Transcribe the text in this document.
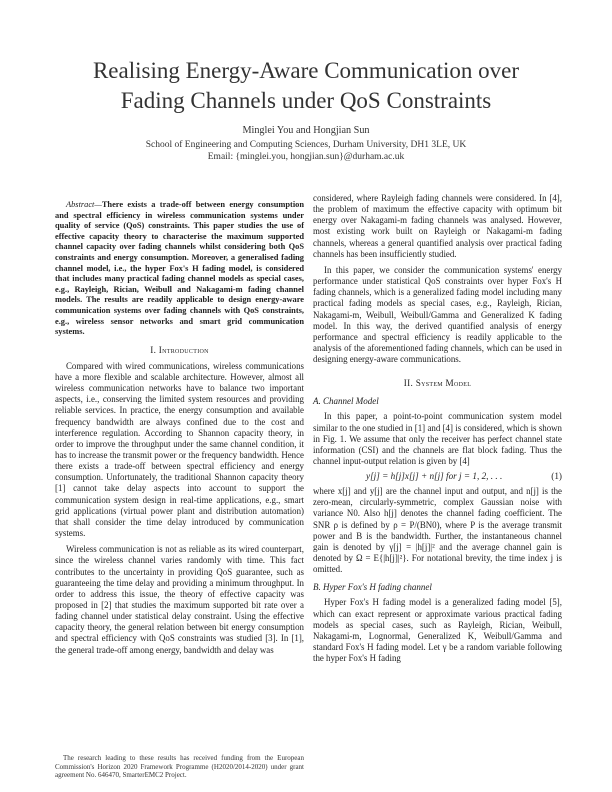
Realising Energy-Aware Communication over
Fading Channels under QoS Constraints
Minglei You and Hongjian Sun
School of Engineering and Computing Sciences, Durham University, DH1 3LE, UK
Email: {minglei.you, hongjian.sun}@durham.ac.uk

Abstract—There exists a trade-off between energy consumption and spectral efficiency in wireless communication systems under quality of service (QoS) constraints. This paper studies the use of effective capacity theory to characterise the maximum supported channel capacity over fading channels whilst considering both QoS constraints and energy consumption. Moreover, a generalised fading channel model, i.e., the hyper Fox's H fading model, is considered that includes many practical fading channel models as special cases, e.g., Rayleigh, Rician, Weibull and Nakagami-m fading channel models. The results are readily applicable to design energy-aware communication systems over fading channels with QoS constraints, e.g., wireless sensor networks and smart grid communication systems.

I. Introduction

Compared with wired communications, wireless communications have a more flexible and scalable architecture. However, almost all wireless communication networks have to balance two important aspects, i.e., conserving the limited system resources and providing reliable services. In practice, the energy consumption and available frequency bandwidth are always confined due to the cost and interference regulation. According to Shannon capacity theory, in order to improve the throughput under the same channel condition, it has to increase the transmit power or the frequency bandwidth. Hence there exists a trade-off between spectral efficiency and energy consumption. Unfortunately, the traditional Shannon capacity theory [1] cannot take delay aspects into account to support the communication system design in real-time applications, e.g., smart grid applications (virtual power plant and distribution automation) that shall consider the time delay introduced by communication systems.

Wireless communication is not as reliable as its wired counterpart, since the wireless channel varies randomly with time. This fact contributes to the uncertainty in providing QoS guarantee, such as guaranteeing the time delay and providing a minimum throughput. In order to address this issue, the theory of effective capacity was proposed in [2] that studies the maximum supported bit rate over a fading channel under statistical delay constraint. Using the effective capacity theory, the general relation between bit energy consumption and spectral efficiency with QoS constraints was studied [3]. In [1], the general trade-off among energy, bandwidth and delay was

The research leading to these results has received funding from the European Commission's Horizon 2020 Framework Programme (H2020/2014-2020) under grant agreement No. 646470, SmarterEMC2 Project.

considered, where Rayleigh fading channels were considered. In [4], the problem of maximum the effective capacity with optimum bit energy over Nakagami-m fading channels was analysed. However, most existing work built on Rayleigh or Nakagami-m fading channels, whereas a general quantified analysis over practical fading channels has been insufficiently studied.

In this paper, we consider the communication systems' energy performance under statistical QoS constraints over hyper Fox's H fading channels, which is a generalized fading model including many practical fading models as special cases, e.g., Rayleigh, Rician, Nakagami-m, Weibull, Weibull/Gamma and Generalized K fading model. In this way, the derived quantified analysis of energy performance and spectral efficiency is readily applicable to the analysis of the aforementioned fading channels, which can be used in designing energy-aware communications.

II. System Model
A. Channel Model

In this paper, a point-to-point communication system model similar to the one studied in [1] and [4] is considered, which is shown in Fig. 1. We assume that only the receiver has perfect channel state information (CSI) and the channels are flat block fading. Thus the channel input-output relation is given by [4]

y[j] = h[j]x[j] + n[j] for j = 1, 2, . . .	(1)

where x[j] and y[j] are the channel input and output, and n[j] is the zero-mean, circularly-symmetric, complex Gaussian noise with variance N0. Also h[j] denotes the channel fading coefficient. The SNR ρ is defined by ρ = P/(BN0), where P is the average transmit power and B is the bandwidth. Further, the instantaneous channel gain is denoted by γ[j] = |h[j]|² and the average channel gain is denoted by Ω = E{|h[j]|²}. For notational brevity, the time index j is omitted.

B. Hyper Fox's H fading channel

Hyper Fox's H fading model is a generalized fading model [5], which can exact represent or approximate various practical fading models as special cases, such as Rayleigh, Rician, Weibull, Nakagami-m, Lognormal, Generalized K, Weibull/Gamma and standard Fox's H fading model. Let γ be a random variable following the hyper Fox's H fading
